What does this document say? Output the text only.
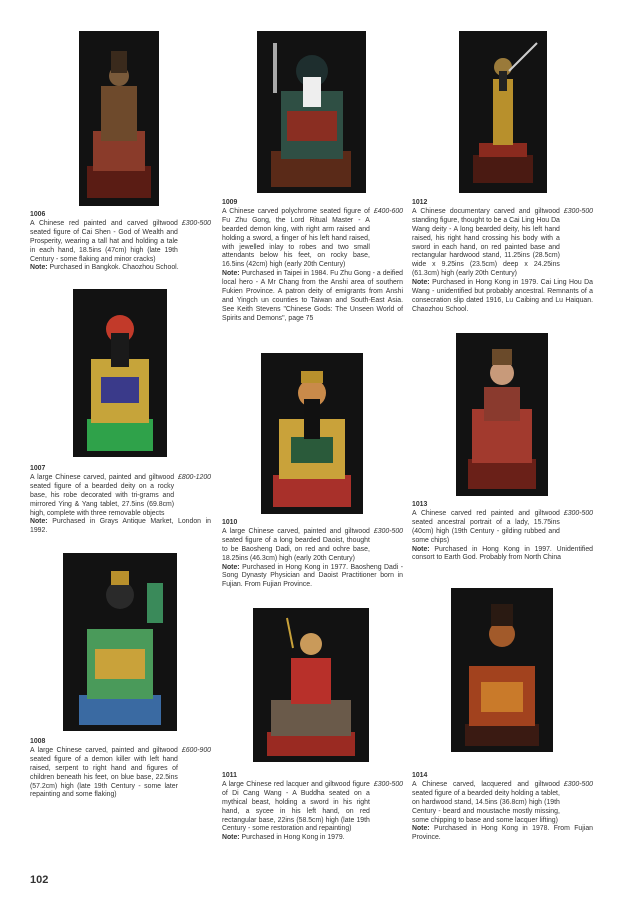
1006
A Chinese red painted and carved giltwood seated figure of Cai Shen - God of Wealth and Prosperity, wearing a tall hat and holding a tale in each hand, 18.5ins (47cm) high (late 19th Century - some flaking and minor cracks)
£300-500
Note: Purchased in Bangkok. Chaozhou School.
1007
A large Chinese carved, painted and giltwood seated figure of a bearded deity on a rocky base, his robe decorated with tri-grams and mirrored Ying & Yang tablet, 27.5ins (69.8cm) high, complete with three removable objects
£800-1200
Note: Purchased in Grays Antique Market, London in 1992.
1008
A large Chinese carved, painted and giltwood seated figure of a demon killer with left hand raised, serpent to right hand and figures of children beneath his feet, on blue base, 22.5ins (57.2cm) high (late 19th Century - some later repainting and some flaking)
£600-900
1009
A Chinese carved polychrome seated figure of Fu Zhu Gong, the Lord Ritual Master - A bearded demon king, with right arm raised and holding a sword, a finger of his left hand raised, with jewelled inlay to robes and two small attendants below his feet, on rocky base, 16.5ins (42cm) high (early 20th Century)
£400-600
Note: Purchased in Taipei in 1984. Fu Zhu Gong - a deified local hero - A Mr Chang from the Anshi area of southern Fukien Province. A patron deity of emigrants from Anshi and Yingch un counties to Taiwan and South-East Asia. See Keith Stevens "Chinese Gods: The Unseen World of Spirits and Demons", page 75
1010
A large Chinese carved, painted and giltwood seated figure of a long bearded Daoist, thought to be Baosheng Dadi, on red and ochre base, 18.25ins (46.3cm) high (early 20th Century)
£300-500
Note: Purchased in Hong Kong in 1977. Baosheng Dadi - Song Dynasty Physician and Daoist Practitioner born in Fujian. From Fujian Province.
1011
A large Chinese red lacquer and giltwood figure of Di Cang Wang - A Buddha seated on a mythical beast, holding a sword in his right hand, a sycee in his left hand, on red rectangular base, 22ins (58.5cm) high (late 19th Century - some restoration and repainting)
£300-500
Note: Purchased in Hong Kong in 1979.
1012
A Chinese documentary carved and giltwood standing figure, thought to be a Cai Ling Hou Da Wang deity - A long bearded deity, his left hand raised, his right hand crossing his body with a sword in each hand, on red painted base and rectangular hardwood stand, 11.25ins (28.5cm) wide x 9.25ins (23.5cm) deep x 24.25ins (61.3cm) high (early 20th Century)
£300-500
Note: Purchased in Hong Kong in 1979. Cai Ling Hou Da Wang - unidentified but probably ancestral. Remnants of a consecration slip dated 1916, Lu Caibing and Lu Haiquan. Chaozhou School.
1013
A Chinese carved red painted and giltwood seated ancestral portrait of a lady, 15.75ins (40cm) high (19th Century - gilding rubbed and some chips)
£300-500
Note: Purchased in Hong Kong in 1997. Unidentified consort to Earth God. Probably from North China
1014
A Chinese carved, lacquered and giltwood seated figure of a bearded deity holding a tablet, on hardwood stand, 14.5ins (36.8cm) high (19th Century - beard and moustache mostly missing, some chipping to base and some lacquer lifting)
£300-500
Note: Purchased in Hong Kong in 1978. From Fujian Province.
102
